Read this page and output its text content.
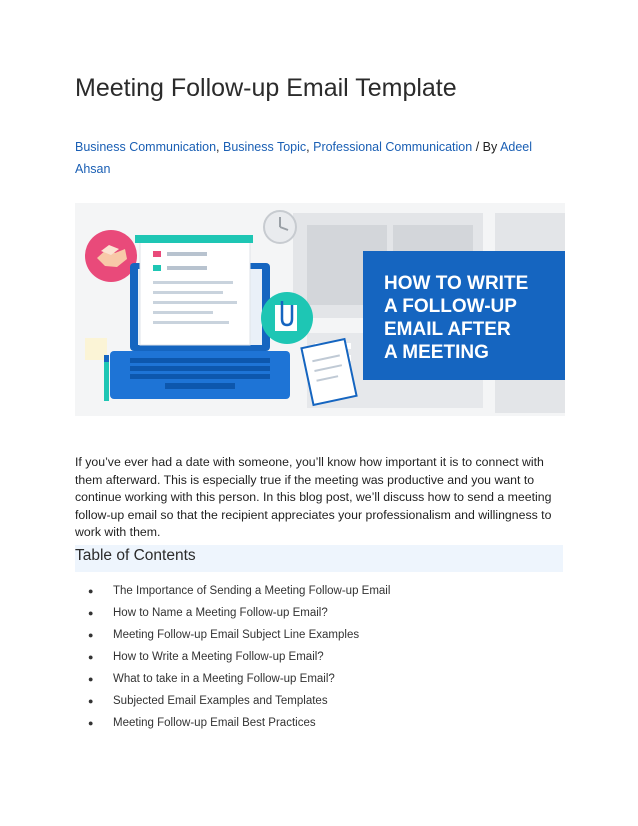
Meeting Follow-up Email Template
Business Communication, Business Topic, Professional Communication / By Adeel Ahsan
HOW TO WRITE
A FOLLOW-UP
EMAIL AFTER
A MEETING

If you’ve ever had a date with someone, you’ll know how important it is to connect with them afterward. This is especially true if the meeting was productive and you want to continue working with this person. In this blog post, we’ll discuss how to send a meeting follow-up email so that the recipient appreciates your professionalism and willingness to work with them.

Table of Contents
● The Importance of Sending a Meeting Follow-up Email
● How to Name a Meeting Follow-up Email?
● Meeting Follow-up Email Subject Line Examples
● How to Write a Meeting Follow-up Email?
● What to take in a Meeting Follow-up Email?
● Subjected Email Examples and Templates
● Meeting Follow-up Email Best Practices
